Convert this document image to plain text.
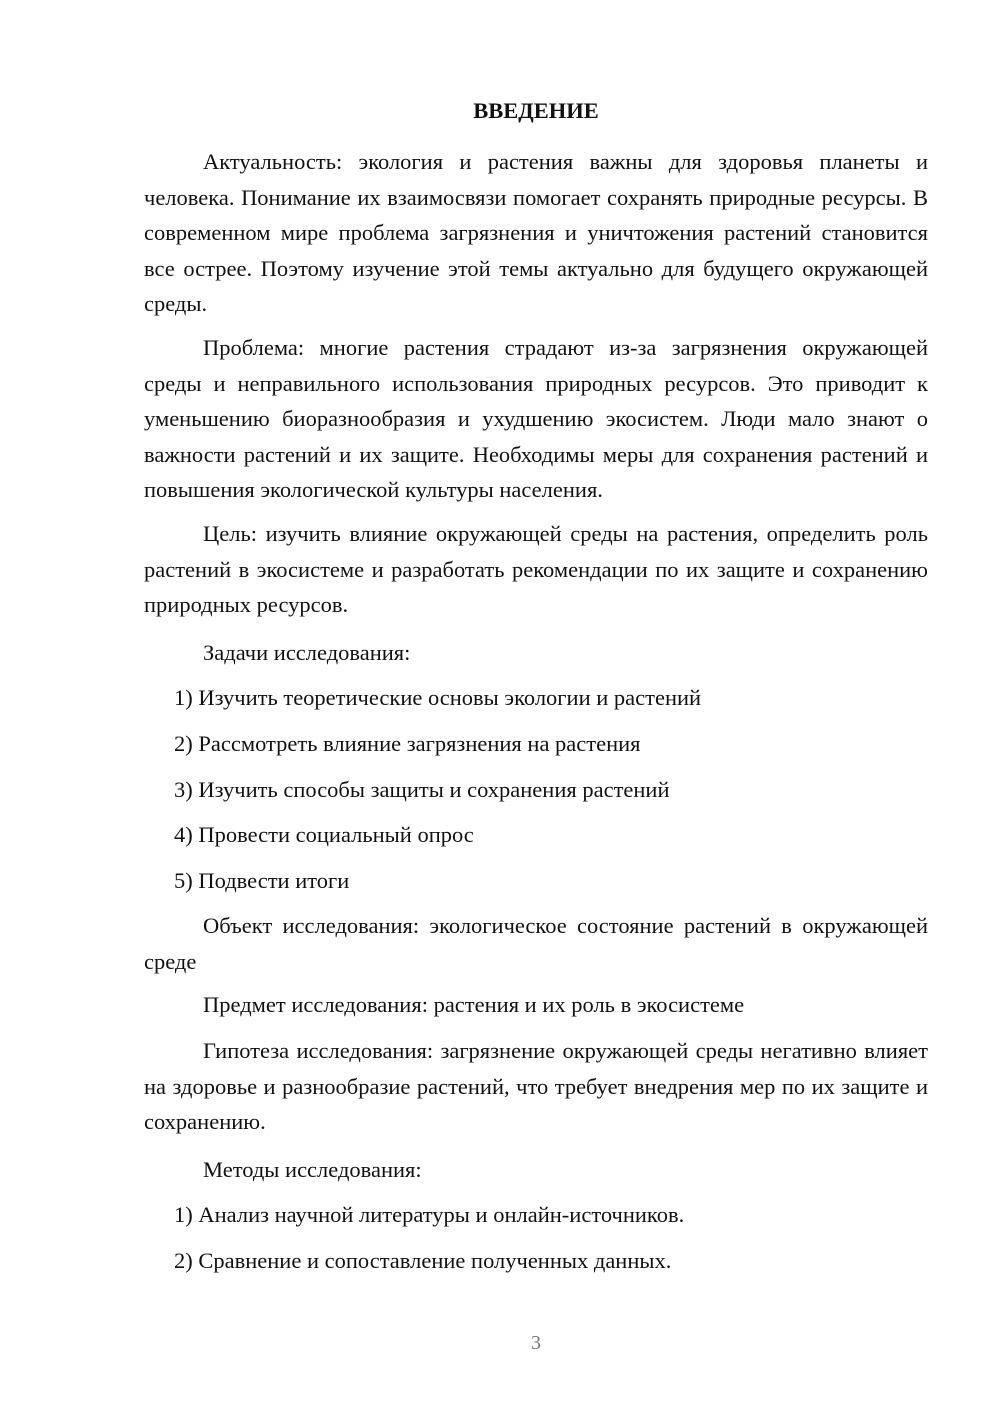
ВВЕДЕНИЕ

Актуальность: экология и растения важны для здоровья планеты и человека. Понимание их взаимосвязи помогает сохранять природные ресурсы. В современном мире проблема загрязнения и уничтожения растений становится все острее. Поэтому изучение этой темы актуально для будущего окружающей среды.

Проблема: многие растения страдают из-за загрязнения окружающей среды и неправильного использования природных ресурсов. Это приводит к уменьшению биоразнообразия и ухудшению экосистем. Люди мало знают о важности растений и их защите. Необходимы меры для сохранения растений и повышения экологической культуры населения.

Цель: изучить влияние окружающей среды на растения, определить роль растений в экосистеме и разработать рекомендации по их защите и сохранению природных ресурсов.

Задачи исследования:

1) Изучить теоретические основы экологии и растений
2) Рассмотреть влияние загрязнения на растения
3) Изучить способы защиты и сохранения растений
4) Провести социальный опрос
5) Подвести итоги

Объект исследования: экологическое состояние растений в окружающей среде

Предмет исследования: растения и их роль в экосистеме

Гипотеза исследования: загрязнение окружающей среды негативно влияет на здоровье и разнообразие растений, что требует внедрения мер по их защите и сохранению.

Методы исследования:

1) Анализ научной литературы и онлайн-источников.
2) Сравнение и сопоставление полученных данных.
3
